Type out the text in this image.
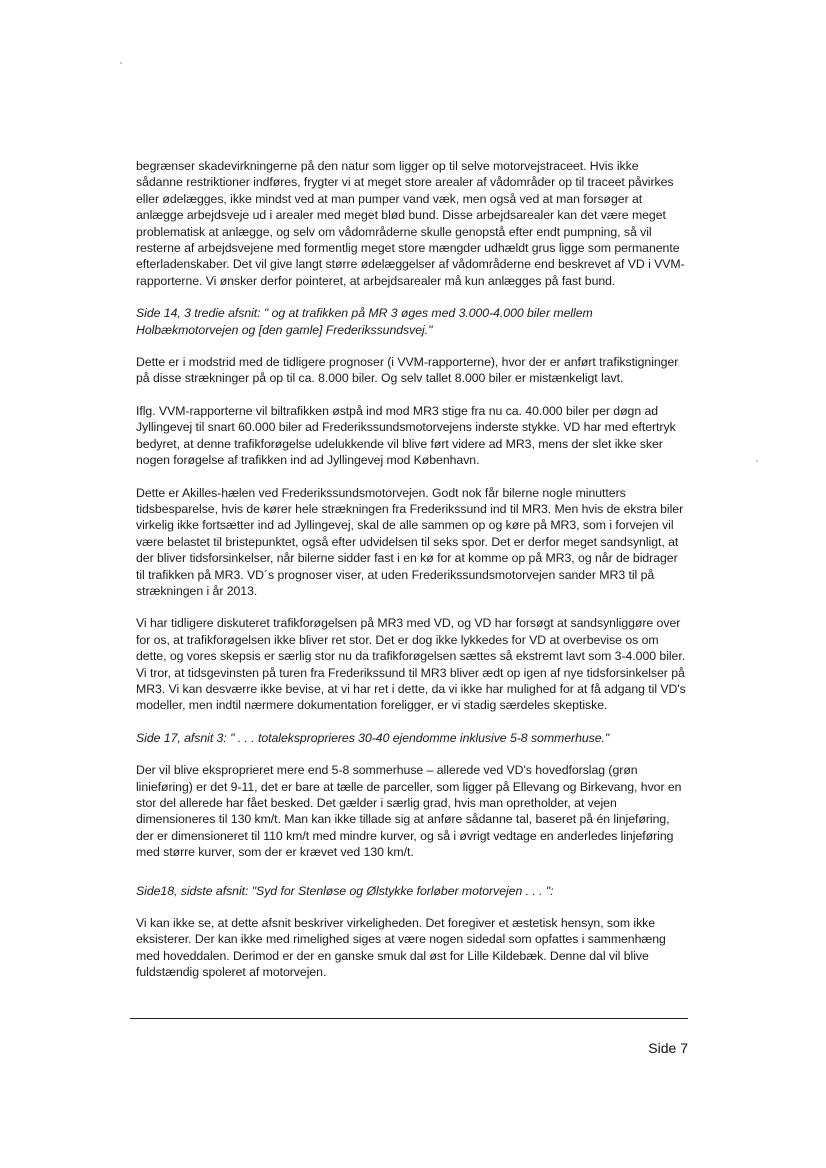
begrænser skadevirkningerne på den natur som ligger op til selve motorvejstraceet. Hvis ikke sådanne restriktioner indføres, frygter vi at meget store arealer af vådområder op til traceet påvirkes eller ødelægges, ikke mindst ved at man pumper vand væk, men også ved at man forsøger at anlægge arbejdsveje ud i arealer med meget blød bund. Disse arbejdsarealer kan det være meget problematisk at anlægge, og selv om vådområderne skulle genopstå efter endt pumpning, så vil resterne af arbejdsvejene med formentlig meget store mængder udhældt grus ligge som permanente efterladenskaber. Det vil give langt større ødelæggelser af vådområderne end beskrevet af VD i VVM-rapporterne. Vi ønsker derfor pointeret, at arbejdsarealer må kun anlægges på fast bund.

Side 14, 3 tredie afsnit: " og at trafikken på MR 3 øges med 3.000-4.000 biler mellem Holbækmotorvejen og [den gamle] Frederikssundsvej."

Dette er i modstrid med de tidligere prognoser (i VVM-rapporterne), hvor der er anført trafikstigninger på disse strækninger på op til ca. 8.000 biler. Og selv tallet 8.000 biler er mistænkeligt lavt.

Iflg. VVM-rapporterne vil biltrafikken østpå ind mod MR3 stige fra nu ca. 40.000 biler per døgn ad Jyllingevej til snart 60.000 biler ad Frederikssundsmotorvejens inderste stykke. VD har med eftertryk bedyret, at denne trafikforøgelse udelukkende vil blive ført videre ad MR3, mens der slet ikke sker nogen forøgelse af trafikken ind ad Jyllingevej mod København.

Dette er Akilles-hælen ved Frederikssundsmotorvejen. Godt nok får bilerne nogle minutters tidsbesparelse, hvis de kører hele strækningen fra Frederikssund ind til MR3. Men hvis de ekstra biler virkelig ikke fortsætter ind ad Jyllingevej, skal de alle sammen op og køre på MR3, som i forvejen vil være belastet til bristepunktet, også efter udvidelsen til seks spor. Det er derfor meget sandsynligt, at der bliver tidsforsinkelser, når bilerne sidder fast i en kø for at komme op på MR3, og når de bidrager til trafikken på MR3. VD´s prognoser viser, at uden Frederikssundsmotorvejen sander MR3 til på strækningen i år 2013.

Vi har tidligere diskuteret trafikforøgelsen på MR3 med VD, og VD har forsøgt at sandsynliggøre over for os, at trafikforøgelsen ikke bliver ret stor. Det er dog ikke lykkedes for VD at overbevise os om dette, og vores skepsis er særlig stor nu da trafikforøgelsen sættes så ekstremt lavt som 3-4.000 biler. Vi tror, at tidsgevinsten på turen fra Frederikssund til MR3 bliver ædt op igen af nye tidsforsinkelser på MR3. Vi kan desværre ikke bevise, at vi har ret i dette, da vi ikke har mulighed for at få adgang til VD's modeller, men indtil nærmere dokumentation foreligger, er vi stadig særdeles skeptiske.

Side 17, afsnit 3: " . . . totaleksproprieres 30-40 ejendomme inklusive 5-8 sommerhuse."

Der vil blive eksproprieret mere end 5-8 sommerhuse – allerede ved VD's hovedforslag (grøn linieføring) er det 9-11, det er bare at tælle de parceller, som ligger på Ellevang og Birkevang, hvor en stor del allerede har fået besked. Det gælder i særlig grad, hvis man opretholder, at vejen dimensioneres til 130 km/t. Man kan ikke tillade sig at anføre sådanne tal, baseret på én linjeføring, der er dimensioneret til 110 km/t med mindre kurver, og så i øvrigt vedtage en anderledes linjeføring med større kurver, som der er krævet ved 130 km/t.

Side18, sidste afsnit: "Syd for Stenløse og Ølstykke forløber motorvejen . . . ":

Vi kan ikke se, at dette afsnit beskriver virkeligheden. Det foregiver et æstetisk hensyn, som ikke eksisterer. Der kan ikke med rimelighed siges at være nogen sidedal som opfattes i sammenhæng med hoveddalen. Derimod er der en ganske smuk dal øst for Lille Kildebæk. Denne dal vil blive fuldstændig spoleret af motorvejen.

Side 7
